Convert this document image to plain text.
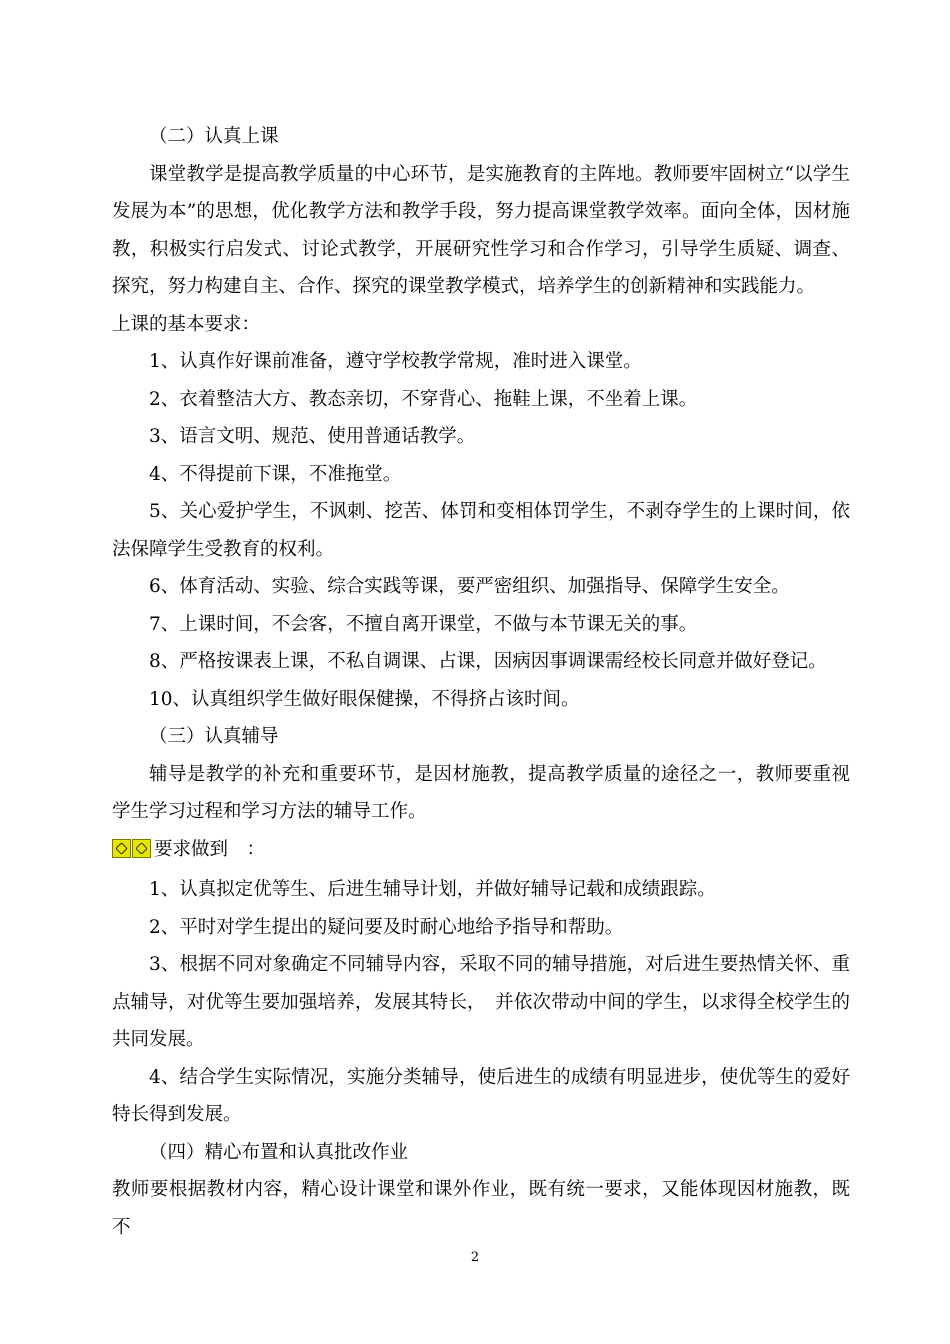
（二）认真上课

课堂教学是提高教学质量的中心环节，是实施教育的主阵地。教师要牢固树立“以学生发展为本”的思想，优化教学方法和教学手段，努力提高课堂教学效率。面向全体，因材施教，积极实行启发式、讨论式教学，开展研究性学习和合作学习，引导学生质疑、调查、探究，努力构建自主、合作、探究的课堂教学模式，培养学生的创新精神和实践能力。

上课的基本要求：

1、认真作好课前准备，遵守学校教学常规，准时进入课堂。

2、衣着整洁大方、教态亲切，不穿背心、拖鞋上课，不坐着上课。

3、语言文明、规范、使用普通话教学。

4、不得提前下课，不准拖堂。

5、关心爱护学生，不讽刺、挖苦、体罚和变相体罚学生，不剥夺学生的上课时间，依法保障学生受教育的权利。

6、体育活动、实验、综合实践等课，要严密组织、加强指导、保障学生安全。

7、上课时间，不会客，不擅自离开课堂，不做与本节课无关的事。

8、严格按课表上课，不私自调课、占课，因病因事调课需经校长同意并做好登记。

10、认真组织学生做好眼保健操，不得挤占该时间。

（三）认真辅导

辅导是教学的补充和重要环节，是因材施教，提高教学质量的途径之一，教师要重视学生学习过程和学习方法的辅导工作。

要求做到　：

1、认真拟定优等生、后进生辅导计划，并做好辅导记载和成绩跟踪。

2、平时对学生提出的疑问要及时耐心地给予指导和帮助。

3、根据不同对象确定不同辅导内容，采取不同的辅导措施，对后进生要热情关怀、重点辅导，对优等生要加强培养，发展其特长，　并依次带动中间的学生，以求得全校学生的共同发展。

4、结合学生实际情况，实施分类辅导，使后进生的成绩有明显进步，使优等生的爱好特长得到发展。

（四）精心布置和认真批改作业

教师要根据教材内容，精心设计课堂和课外作业，既有统一要求，又能体现因材施教，既不

2
